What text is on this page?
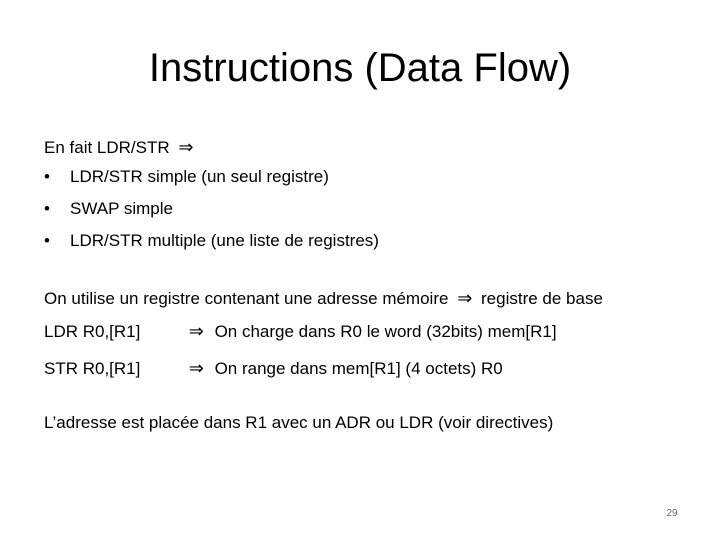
Instructions (Data Flow)
En fait LDR/STR ⇒
•	LDR/STR simple (un seul registre)
•	SWAP simple
•	LDR/STR multiple (une liste de registres)
On utilise un registre contenant une adresse mémoire ⇒ registre de base
LDR R0,[R1]	⇒ On charge dans R0 le word (32bits) mem[R1]
STR R0,[R1]	⇒ On range dans mem[R1] (4 octets) R0
L’adresse est placée dans R1 avec un ADR ou LDR (voir directives)
29
